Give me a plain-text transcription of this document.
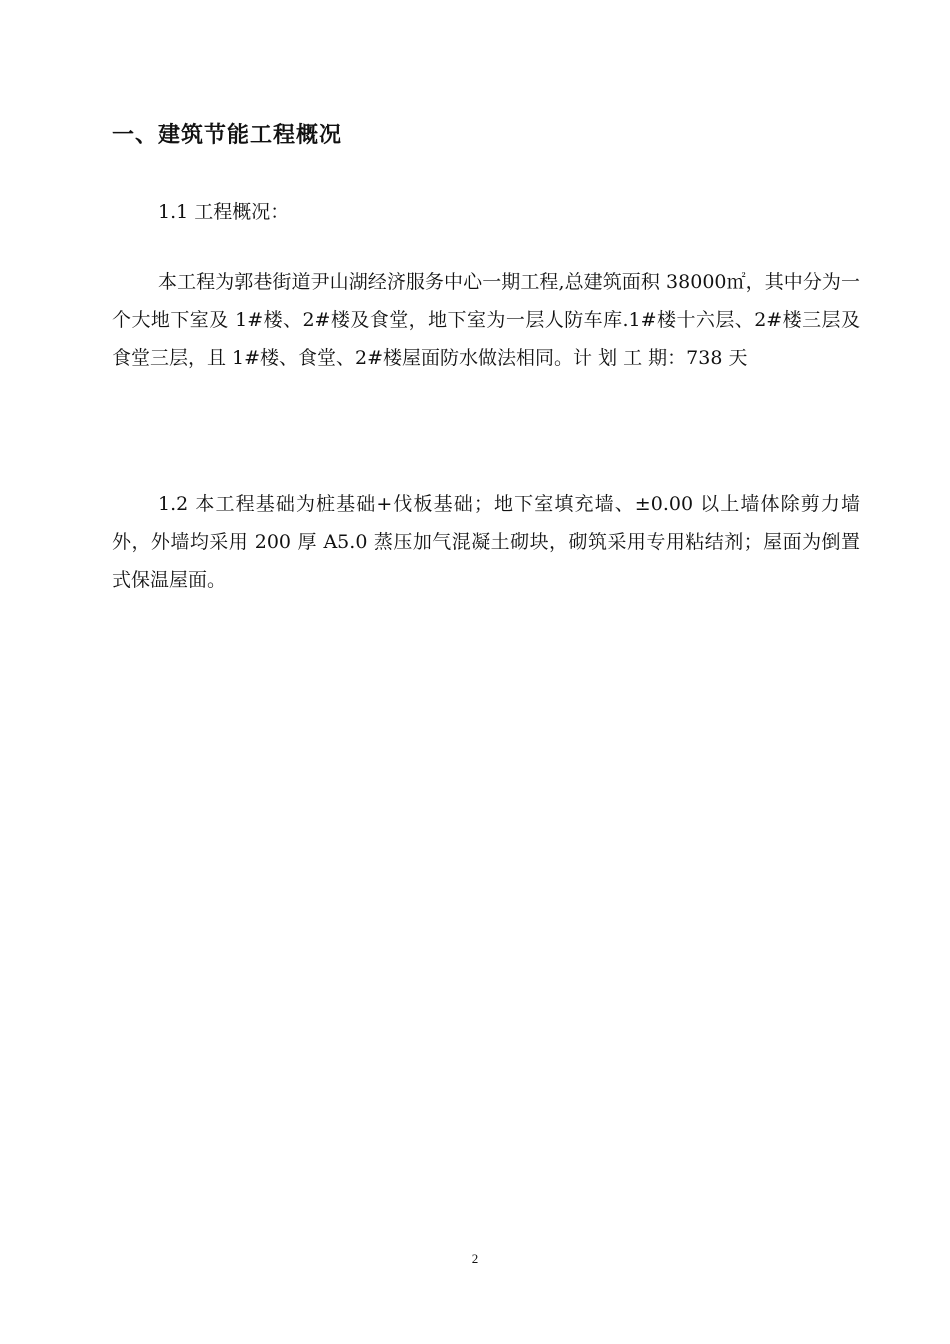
一、建筑节能工程概况
1.1 工程概况：

本工程为郭巷街道尹山湖经济服务中心一期工程,总建筑面积 38000㎡，其中分为一个大地下室及 1#楼、2#楼及食堂，地下室为一层人防车库.1#楼十六层、2#楼三层及食堂三层，且 1#楼、食堂、2#楼屋面防水做法相同。计 划 工 期：738 天

1.2 本工程基础为桩基础+伐板基础；地下室填充墙、±0.00 以上墙体除剪力墙外，外墙均采用 200 厚 A5.0 蒸压加气混凝土砌块，砌筑采用专用粘结剂；屋面为倒置式保温屋面。

2
